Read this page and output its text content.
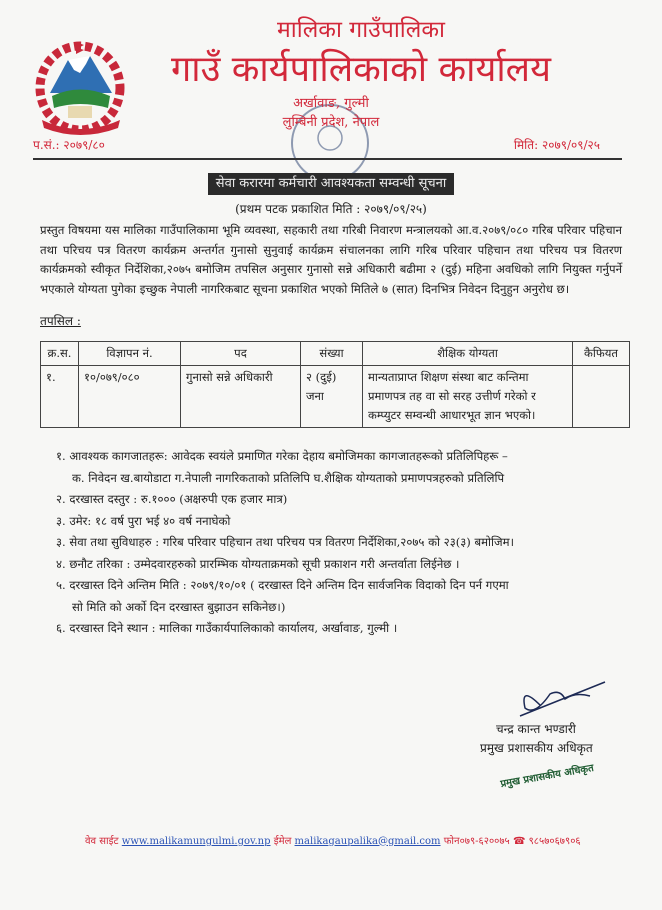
मालिका गाउँपालिका
गाउँ कार्यपालिकाको कार्यालय
अर्खावाङ, गुल्मी
लुम्बिनी प्रदेश, नेपाल
प.सं.: २०७९/८०	मिति: २०७९/०९/२५
सेवा करारमा कर्मचारी आवश्यकता सम्वन्धी सूचना
(प्रथम पटक प्रकाशित मिति : २०७९/०९/२५)
प्रस्तुत विषयमा यस मालिका गाउँपालिकामा भूमि व्यवस्था, सहकारी तथा गरिबी निवारण मन्त्रालयको आ.व.२०७९/०८० गरिब परिवार पहिचान तथा परिचय पत्र वितरण कार्यक्रम अन्तर्गत गुनासो सुनुवाई कार्यक्रम संचालनका लागि गरिब परिवार पहिचान तथा परिचय पत्र वितरण कार्यक्रमको स्वीकृत निर्देशिका,२०७५ बमोजिम तपसिल अनुसार गुनासो सन्ने अधिकारी बढीमा २ (दुई) महिना अवधिको लागि नियुक्त गर्नुपर्ने भएकाले योग्यता पुगेका इच्छुक नेपाली नागरिकबाट सूचना प्रकाशित भएको मितिले ७ (सात) दिनभित्र निवेदन दिनुहुन अनुरोध छ।
तपसिल :
क्र.स.	विज्ञापन नं.	पद	संख्या	शैक्षिक योग्यता	कैफियत
१.	१०/०७९/०८०	गुनासो सन्ने अधिकारी	२ (दुई) जना	मान्यताप्राप्त शिक्षण संस्था बाट कन्तिमा प्रमाणपत्र तह वा सो सरह उत्तीर्ण गरेको र कम्प्युटर सम्वन्धी आधारभूत ज्ञान भएको।	
१. आवश्यक कागजातहरू: आवेदक स्वयंले प्रमाणित गरेका देहाय बमोजिमका कागजातहरूको प्रतिलिपिहरू –
क. निवेदन ख.बायोडाटा ग.नेपाली नागरिकताको प्रतिलिपि घ.शैक्षिक योग्यताको प्रमाणपत्रहरुको प्रतिलिपि
२. दरखास्त दस्तुर : रु.१००० (अक्षरुपी एक हजार मात्र)
३. उमेर: १८ वर्ष पुरा भई ४० वर्ष ननाघेको
३. सेवा तथा सुविधाहरु : गरिब परिवार पहिचान तथा परिचय पत्र वितरण निर्देशिका,२०७५ को २३(३) बमोजिम।
४. छनौट तरिका : उम्मेदवारहरुको प्रारम्भिक योग्यताक्रमको सूची प्रकाशन गरी अन्तर्वाता लिईनेछ ।
५. दरखास्त दिने अन्तिम मिति : २०७९/१०/०१ ( दरखास्त दिने अन्तिम दिन सार्वजनिक विदाको दिन पर्न गएमा
सो मिति को अर्को दिन दरखास्त बुझाउन सकिनेछ।)
६. दरखास्त दिने स्थान : मालिका गाउँकार्यपालिकाको कार्यालय, अर्खावाङ, गुल्मी ।
चन्द्र कान्त भण्डारी
प्रमुख प्रशासकीय अधिकृत
प्रमुख प्रशासकीय अधिकृत
वेव साईट www.malikamungulmi.gov.np ईमेल malikagaupalika@gmail.com फोन०७९-६२००७५ ☎ ९८५७०६७९०६
